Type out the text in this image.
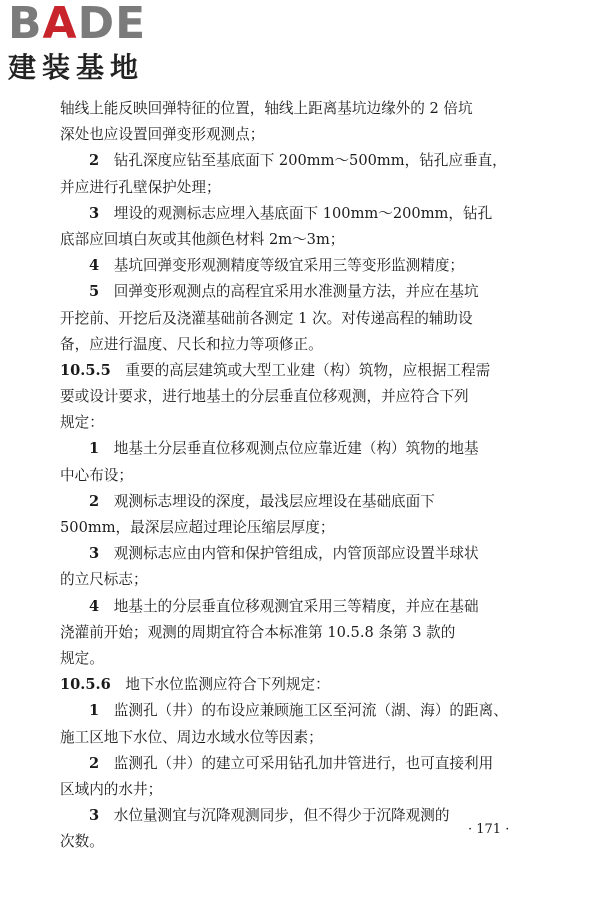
BADE
建装基地
轴线上能反映回弹特征的位置，轴线上距离基坑边缘外的 2 倍坑
深处也应设置回弹变形观测点；
2　 钻孔深度应钻至基底面下 200mm～500mm，钻孔应垂直，
并应进行孔壁保护处理；
3　 埋设的观测标志应埋入基底面下 100mm～200mm，钻孔
底部应回填白灰或其他颜色材料 2m～3m；
4　 基坑回弹变形观测精度等级宜采用三等变形监测精度；
5　 回弹变形观测点的高程宜采用水准测量方法，并应在基坑
开挖前、开挖后及浇灌基础前各测定 1 次。对传递高程的辅助设
备，应进行温度、尺长和拉力等项修正。
10.5.5　 重要的高层建筑或大型工业建（构）筑物，应根据工程需
要或设计要求，进行地基土的分层垂直位移观测，并应符合下列
规定：
1　 地基土分层垂直位移观测点位应靠近建（构）筑物的地基
中心布设；
2　 观测标志埋设的深度，最浅层应埋设在基础底面下
500mm，最深层应超过理论压缩层厚度；
3　 观测标志应由内管和保护管组成，内管顶部应设置半球状
的立尺标志；
4　 地基土的分层垂直位移观测宜采用三等精度，并应在基础
浇灌前开始；观测的周期宜符合本标准第 10.5.8 条第 3 款的
规定。
10.5.6　 地下水位监测应符合下列规定：
1　 监测孔（井）的布设应兼顾施工区至河流（湖、海）的距离、
施工区地下水位、周边水域水位等因素；
2　 监测孔（井）的建立可采用钻孔加井管进行，也可直接利用
区域内的水井；
3　 水位量测宜与沉降观测同步，但不得少于沉降观测的
次数。
· 171 ·
